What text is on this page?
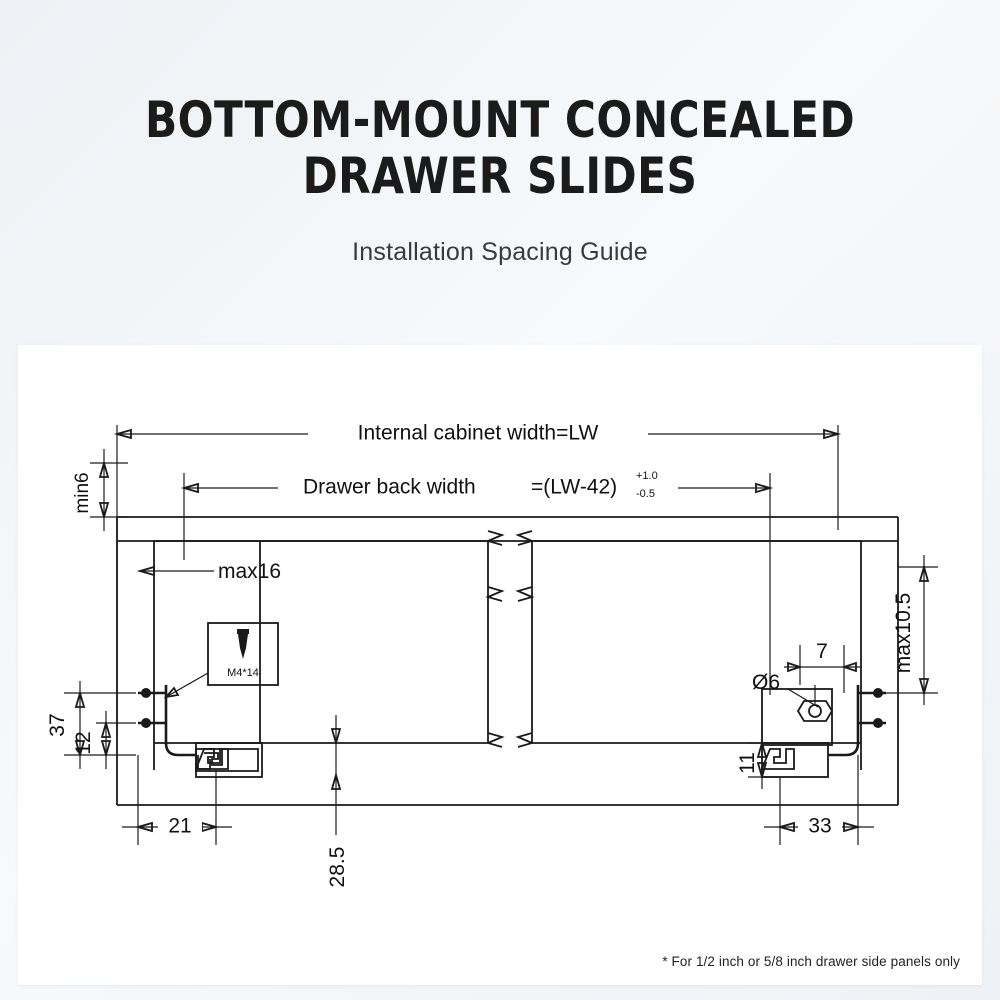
BOTTOM-MOUNT CONCEALED
DRAWER SLIDES
Installation Spacing Guide
Internal cabinet width=LW
Drawer back width	=(LW-42) +1.0
-0.5
min6
max16
M4*14
37
12
21
28.5
7
Ø6
11
33
max10.5
* For 1/2 inch or 5/8 inch drawer side panels only
